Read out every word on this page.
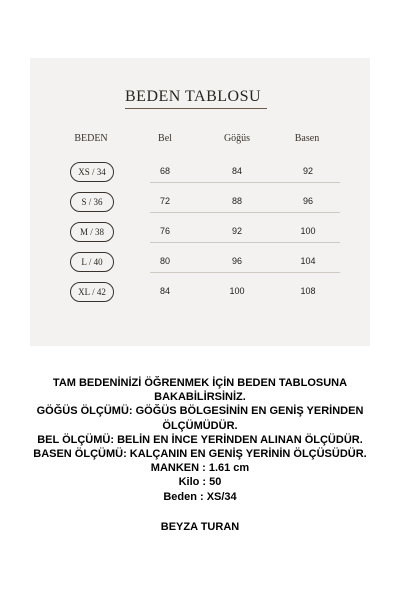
BEDEN TABLOSU
BEDEN	Bel	Göğüs	Basen
XS / 34	68	84	92
S / 36	72	88	96
M / 38	76	92	100
L / 40	80	96	104
XL / 42	84	100	108

TAM BEDENİNİZİ ÖĞRENMEK İÇİN BEDEN TABLOSUNA BAKABİLİRSİNİZ.

GÖĞÜS ÖLÇÜMÜ: GÖĞÜS BÖLGESİNİN EN GENİŞ YERİNDEN ÖLÇÜMÜDÜR.

BEL ÖLÇÜMÜ: BELİN EN İNCE YERİNDEN ALINAN ÖLÇÜDÜR.

BASEN ÖLÇÜMÜ: KALÇANIN EN GENİŞ YERİNİN ÖLÇÜSÜDÜR.

MANKEN : 1.61 cm

Kilo : 50

Beden : XS/34

BEYZA TURAN
